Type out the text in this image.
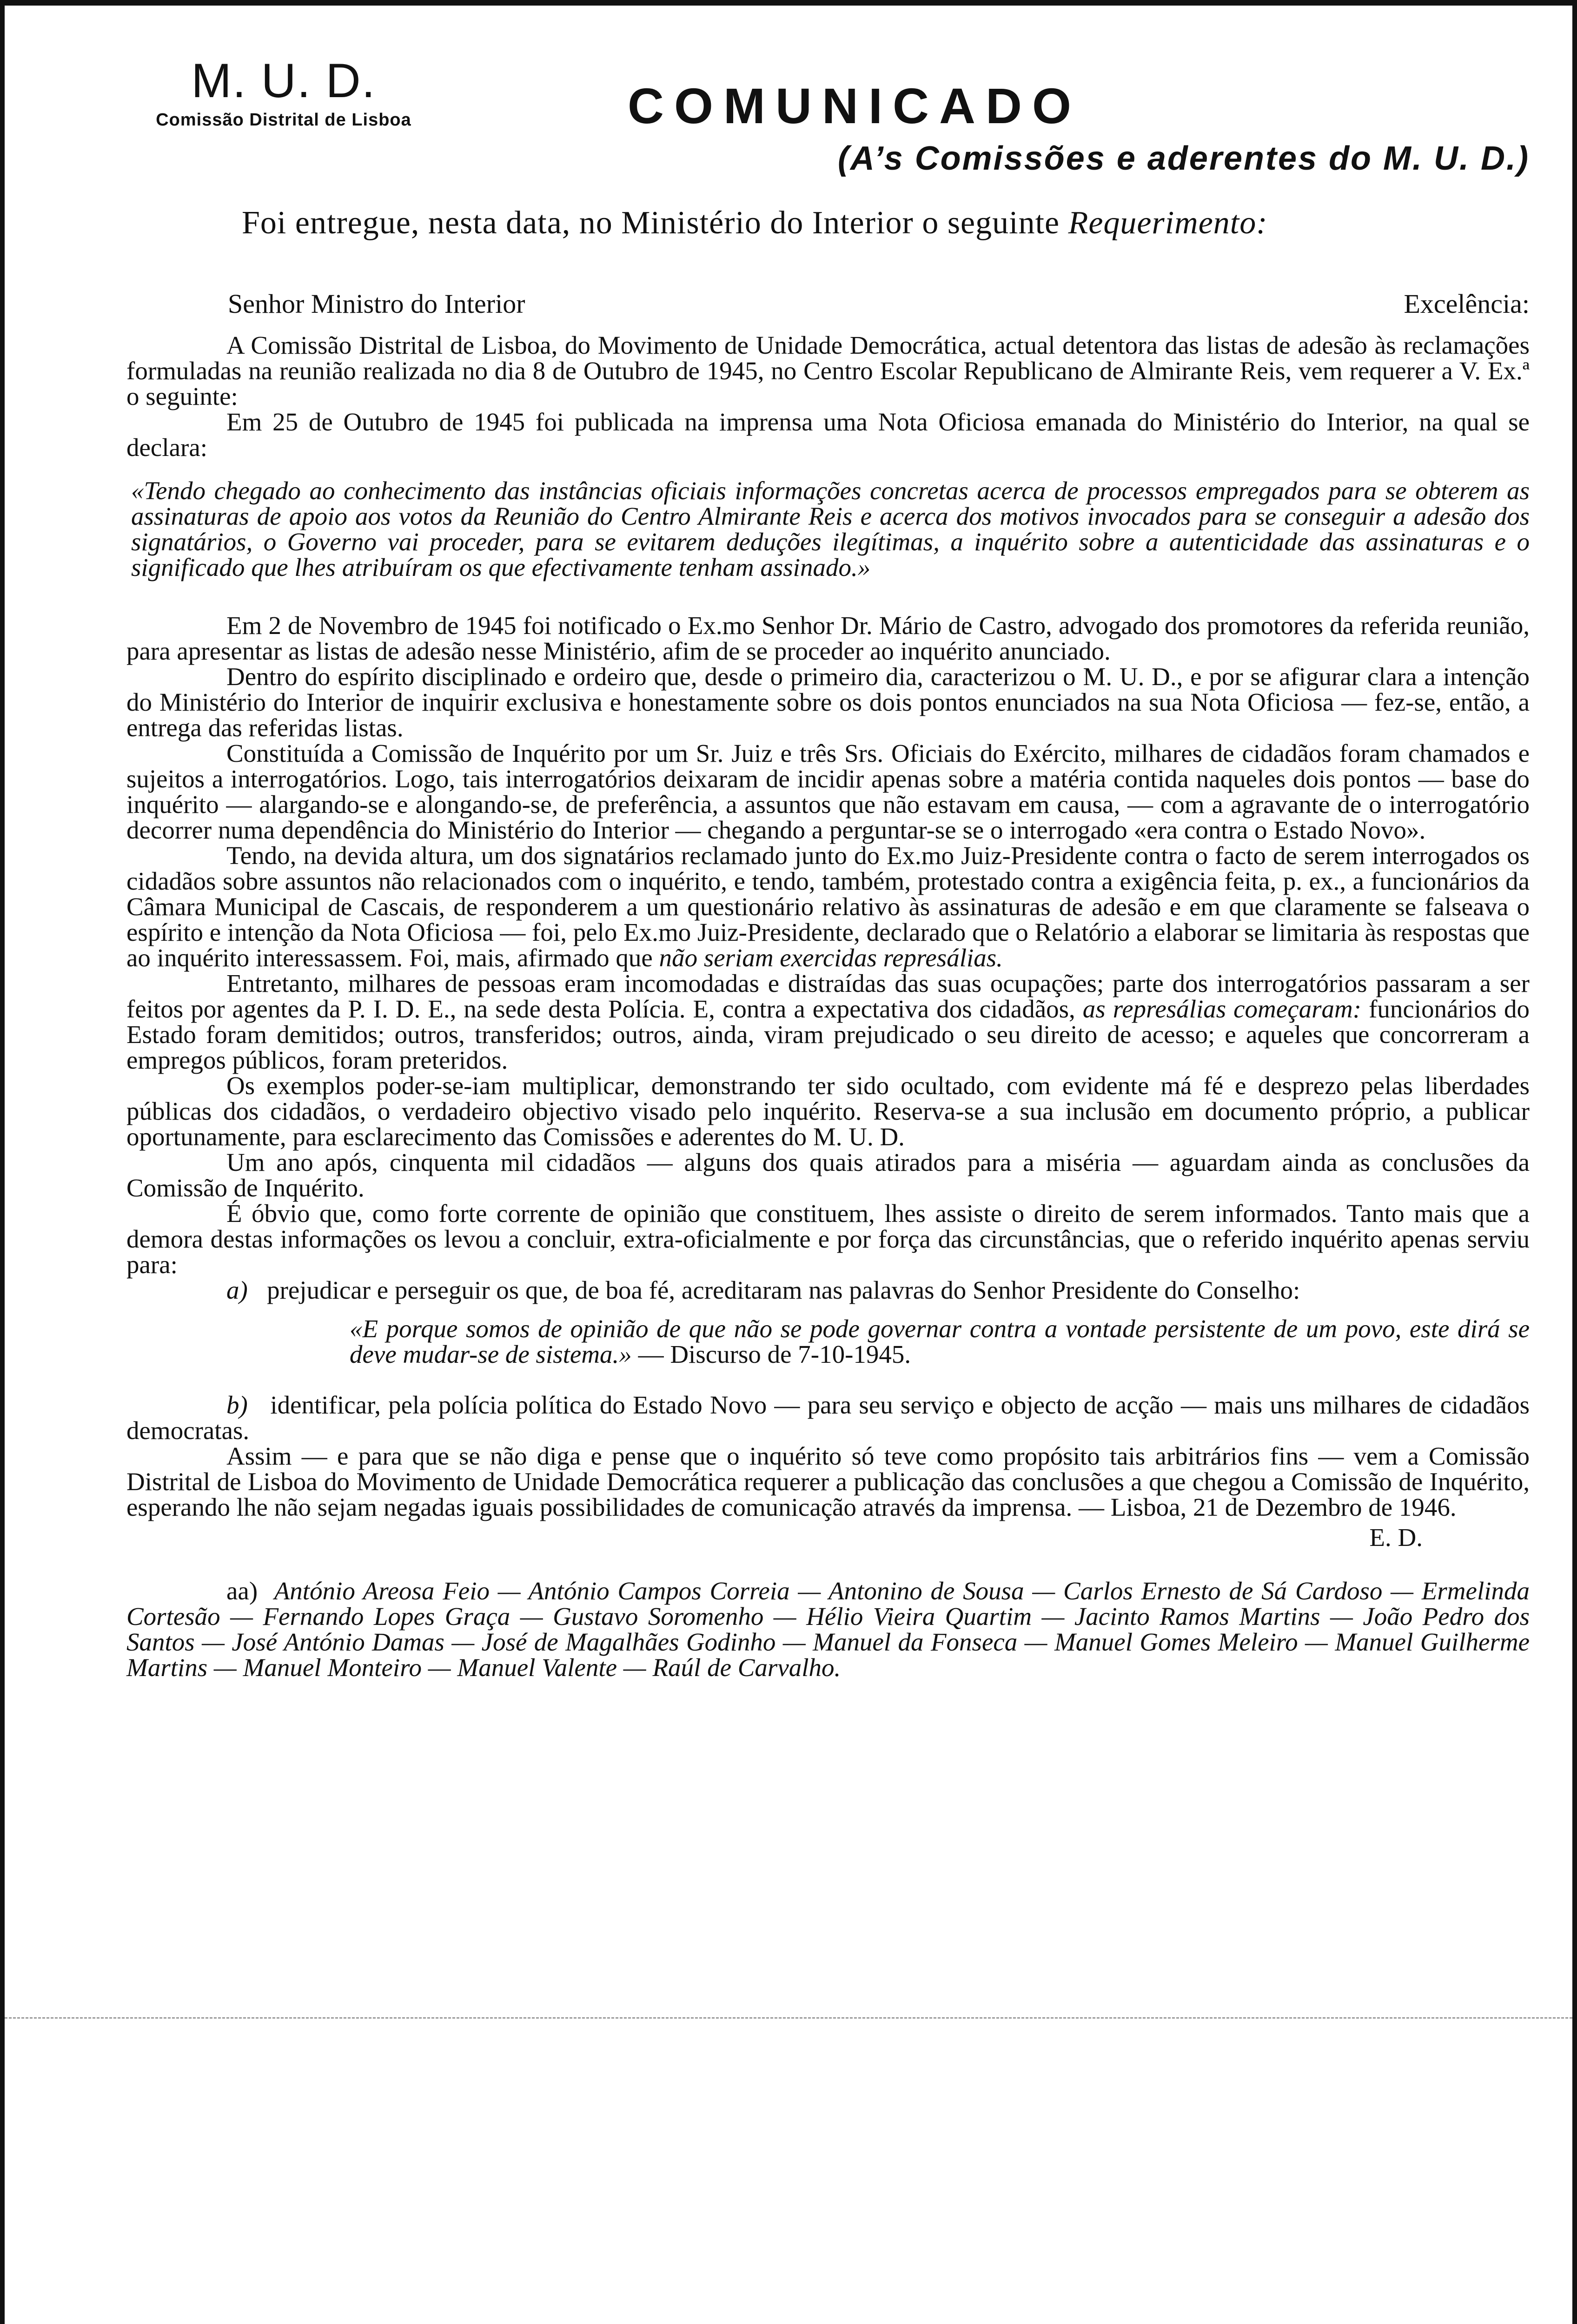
M. U. D.
Comissão Distrital de Lisboa	COMUNICADO
(A’s Comissões e aderentes do M. U. D.)
Foi entregue, nesta data, no Ministério do Interior o seguinte Requerimento:
Senhor Ministro do Interior	Excelência:

A Comissão Distrital de Lisboa, do Movimento de Unidade Democrática, actual detentora das listas de adesão às reclamações formuladas na reunião realizada no dia 8 de Outubro de 1945, no Centro Escolar Republicano de Almirante Reis, vem requerer a V. Ex.ª o seguinte:

Em 25 de Outubro de 1945 foi publicada na imprensa uma Nota Oficiosa emanada do Ministério do Interior, na qual se declara:

«Tendo chegado ao conhecimento das instâncias oficiais informações concretas acerca de processos empregados para se obterem as assinaturas de apoio aos votos da Reunião do Centro Almirante Reis e acerca dos motivos invocados para se conseguir a adesão dos signatários, o Governo vai proceder, para se evitarem deduções ilegítimas, a inquérito sobre a autenticidade das assinaturas e o significado que lhes atribuíram os que efectivamente tenham assinado.»

Em 2 de Novembro de 1945 foi notificado o Ex.mo Senhor Dr. Mário de Castro, advogado dos promotores da referida reunião, para apresentar as listas de adesão nesse Ministério, afim de se proceder ao inquérito anunciado.

Dentro do espírito disciplinado e ordeiro que, desde o primeiro dia, caracterizou o M. U. D., e por se afigurar clara a intenção do Ministério do Interior de inquirir exclusiva e honestamente sobre os dois pontos enunciados na sua Nota Oficiosa — fez-se, então, a entrega das referidas listas.

Constituída a Comissão de Inquérito por um Sr. Juiz e três Srs. Oficiais do Exército, milhares de cidadãos foram chamados e sujeitos a interrogatórios. Logo, tais interrogatórios deixaram de incidir apenas sobre a matéria contida naqueles dois pontos — base do inquérito — alargando-se e alongando-se, de preferência, a assuntos que não estavam em causa, — com a agravante de o interrogatório decorrer numa dependência do Ministério do Interior — chegando a perguntar-se se o interrogado «era contra o Estado Novo».

Tendo, na devida altura, um dos signatários reclamado junto do Ex.mo Juiz-Presidente contra o facto de serem interrogados os cidadãos sobre assuntos não relacionados com o inquérito, e tendo, também, protestado contra a exigência feita, p. ex., a funcionários da Câmara Municipal de Cascais, de responderem a um questionário relativo às assinaturas de adesão e em que claramente se falseava o espírito e intenção da Nota Oficiosa — foi, pelo Ex.mo Juiz-Presidente, declarado que o Relatório a elaborar se limitaria às respostas que ao inquérito interessassem. Foi, mais, afirmado que não seriam exercidas represálias.

Entretanto, milhares de pessoas eram incomodadas e distraídas das suas ocupações; parte dos interrogatórios passaram a ser feitos por agentes da P. I. D. E., na sede desta Polícia. E, contra a expectativa dos cidadãos, as represálias começaram: funcionários do Estado foram demitidos; outros, transferidos; outros, ainda, viram prejudicado o seu direito de acesso; e aqueles que concorreram a empregos públicos, foram preteridos.

Os exemplos poder-se-iam multiplicar, demonstrando ter sido ocultado, com evidente má fé e desprezo pelas liberdades públicas dos cidadãos, o verdadeiro objectivo visado pelo inquérito. Reserva-se a sua inclusão em documento próprio, a publicar oportunamente, para esclarecimento das Comissões e aderentes do M. U. D.

Um ano após, cinquenta mil cidadãos — alguns dos quais atirados para a miséria — aguardam ainda as conclusões da Comissão de Inquérito.

É óbvio que, como forte corrente de opinião que constituem, lhes assiste o direito de serem informados. Tanto mais que a demora destas informações os levou a concluir, extra-oficialmente e por força das circunstâncias, que o referido inquérito apenas serviu para:

a) prejudicar e perseguir os que, de boa fé, acreditaram nas palavras do Senhor Presidente do Conselho:

«E porque somos de opinião de que não se pode governar contra a vontade persistente de um povo, este dirá se deve mudar-se de sistema.» — Discurso de 7-10-1945.

b) identificar, pela polícia política do Estado Novo — para seu serviço e objecto de acção — mais uns milhares de cidadãos democratas.

Assim — e para que se não diga e pense que o inquérito só teve como propósito tais arbitrários fins — vem a Comissão Distrital de Lisboa do Movimento de Unidade Democrática requerer a publicação das conclusões a que chegou a Comissão de Inquérito, esperando lhe não sejam negadas iguais possibilidades de comunicação através da imprensa. — Lisboa, 21 de Dezembro de 1946.

E. D.

aa) António Areosa Feio — António Campos Correia — Antonino de Sousa — Carlos Ernesto de Sá Cardoso — Ermelinda Cortesão — Fernando Lopes Graça — Gustavo Soromenho — Hélio Vieira Quartim — Jacinto Ramos Martins — João Pedro dos Santos — José António Damas — José de Magalhães Godinho — Manuel da Fonseca — Manuel Gomes Meleiro — Manuel Guilherme Martins — Manuel Monteiro — Manuel Valente — Raúl de Carvalho.
